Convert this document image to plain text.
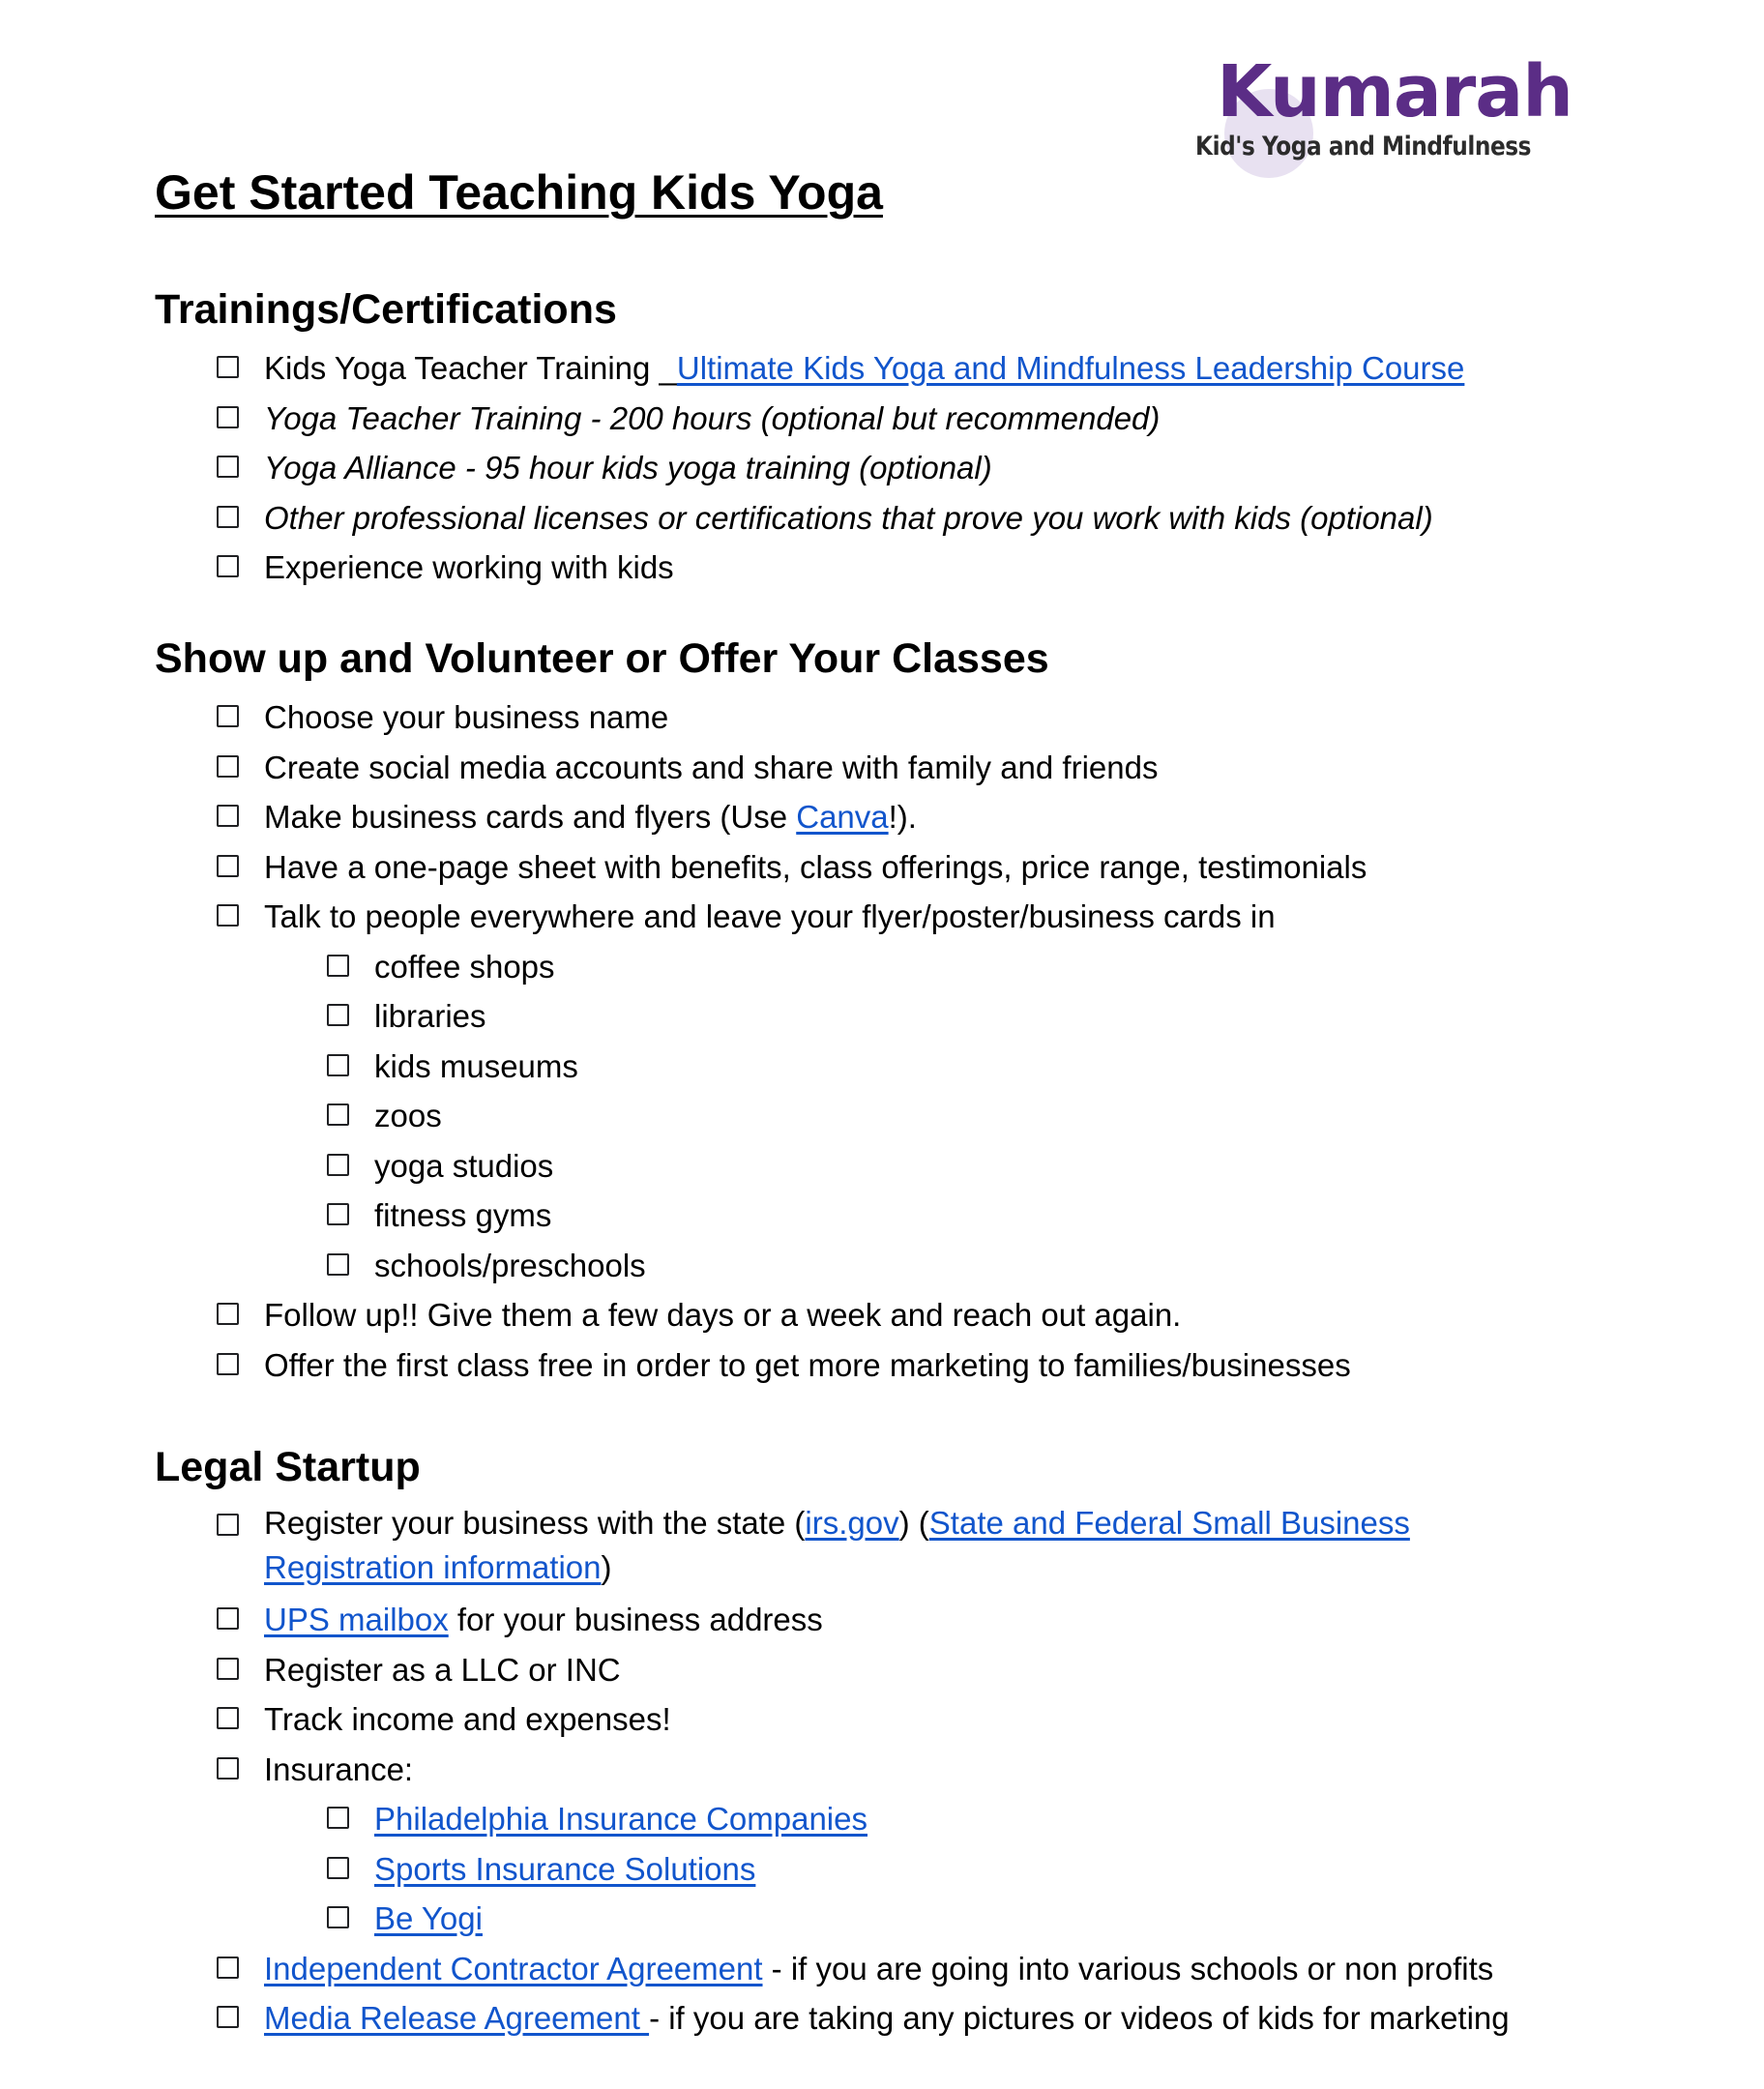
Kumarah
Kid's Yoga and Mindfulness
Get Started Teaching Kids Yoga
Trainings/Certifications
Kids Yoga Teacher Training _Ultimate Kids Yoga and Mindfulness Leadership Course
Yoga Teacher Training - 200 hours (optional but recommended)
Yoga Alliance - 95 hour kids yoga training (optional)
Other professional licenses or certifications that prove you work with kids (optional)
Experience working with kids
Show up and Volunteer or Offer Your Classes
Choose your business name
Create social media accounts and share with family and friends
Make business cards and flyers (Use Canva!).
Have a one-page sheet with benefits, class offerings, price range, testimonials
Talk to people everywhere and leave your flyer/poster/business cards in
coffee shops
libraries
kids museums
zoos
yoga studios
fitness gyms
schools/preschools
Follow up!! Give them a few days or a week and reach out again.
Offer the first class free in order to get more marketing to families/businesses
Legal Startup
Register your business with the state (irs.gov) (State and Federal Small Business Registration information)
UPS mailbox for your business address
Register as a LLC or INC
Track income and expenses!
Insurance:
Philadelphia Insurance Companies
Sports Insurance Solutions
Be Yogi
Independent Contractor Agreement - if you are going into various schools or non profits
Media Release Agreement - if you are taking any pictures or videos of kids for marketing
